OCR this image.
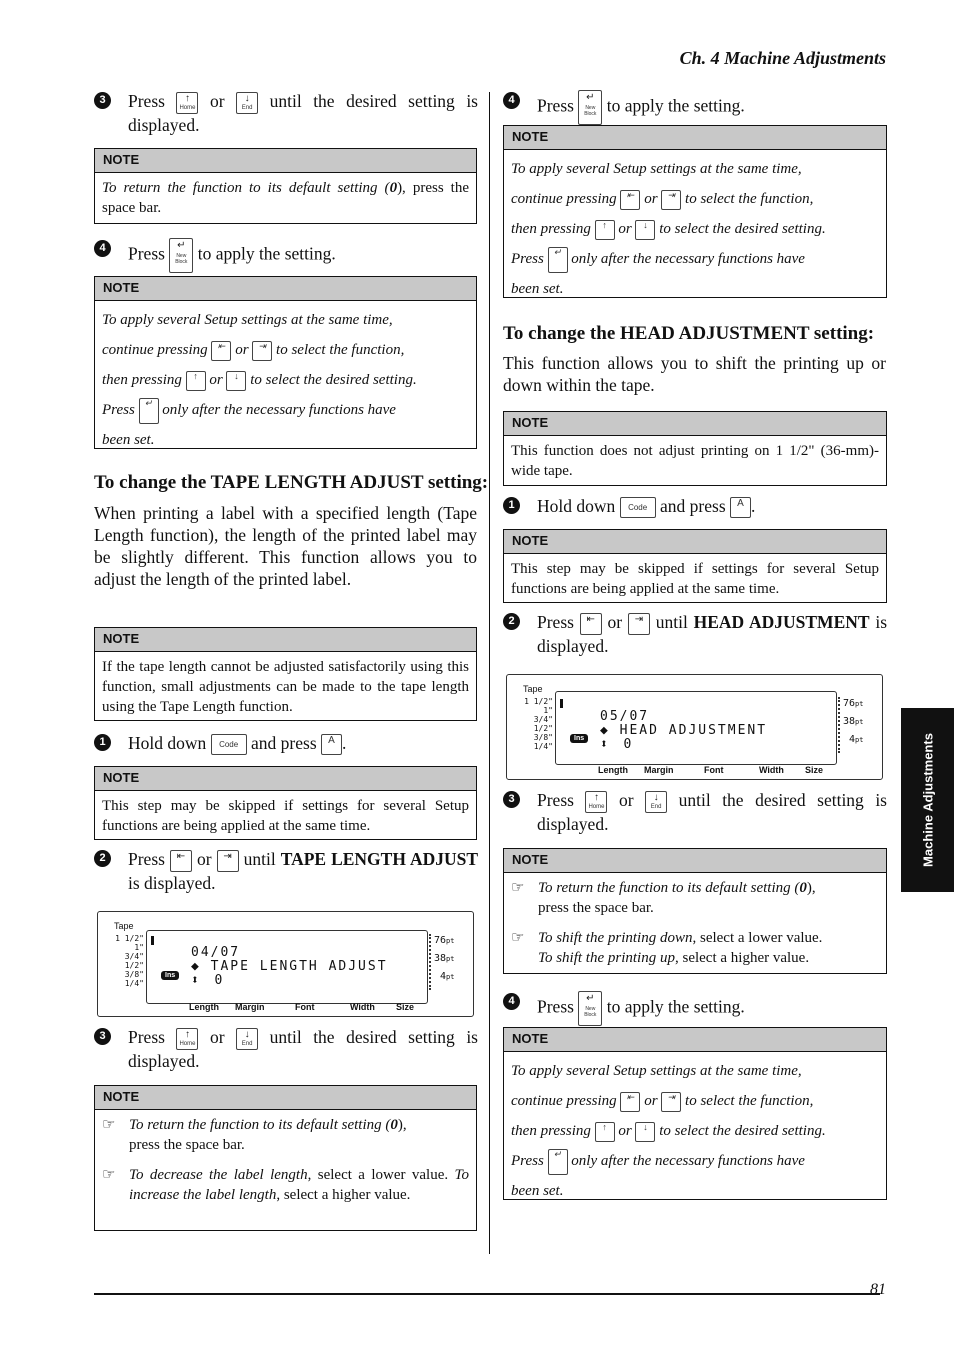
Ch. 4 Machine Adjustments
Machine Adjustments
81
3	Press	↑
Home or	↓
End until the desired setting is displayed.
NOTE
To return the function to its default setting (0), press the space bar.
4	Press	↵
New Block to apply the setting.
NOTE
To apply several Setup settings at the same time,
continue pressing	⇤ or	⇥ to select the function,
then pressing	↑ or	↓ to select the desired setting.
Press	↵ only after the necessary functions have
been set.
To change the TAPE LENGTH ADJUST setting:
When printing a label with a specified length (Tape Length function), the length of the printed label may be slightly different. This function allows you to adjust the length of the printed label.
NOTE
If the tape length cannot be adjusted satisfactorily using this function, small adjustments can be made to the tape length using the Tape Length function.
1	Hold down Code and press A .
NOTE
This step may be skipped if settings for several Setup functions are being applied at the same time.
2	Press	⇤ or	⇥ until TAPE LENGTH ADJUST is displayed.
Tape
1 1/2"
1"
3/4"
1/2"
3/8"
1/4"
04/07
◆ TAPE LENGTH ADJUST
⬍  0
Ins
76pt
38pt
4pt
Length Margin	Font	Width Size
3	Press	↑
Home or	↓
End until the desired setting is displayed.
NOTE
☞ To return the function to its default setting (0),
press the space bar.
☞ To decrease the label length, select a lower value. To increase the label length, select a higher value.
4	Press	↵
New Block to apply the setting.
NOTE
To apply several Setup settings at the same time,
continue pressing	⇤ or	⇥ to select the function,
then pressing	↑ or	↓ to select the desired setting.
Press	↵ only after the necessary functions have
been set.
To change the HEAD ADJUSTMENT setting:
This function allows you to shift the printing up or down within the tape.
NOTE
This function does not adjust printing on 1 1/2" (36-mm)-wide tape.
1	Hold down Code and press A .
NOTE
This step may be skipped if settings for several Setup functions are being applied at the same time.
2	Press	⇤ or	⇥ until HEAD ADJUSTMENT is displayed.
Tape
1 1/2"
1"
3/4"
1/2"
3/8"
1/4"
05/07
◆ HEAD ADJUSTMENT
⬍  0
Ins
76pt
38pt
4pt
Length Margin	Font	Width Size
3	Press	↑
Home or	↓
End until the desired setting is displayed.
NOTE
☞ To return the function to its default setting (0),
press the space bar.
☞ To shift the printing down, select a lower value.
To shift the printing up, select a higher value.
4	Press	↵
New Block to apply the setting.
NOTE
To apply several Setup settings at the same time,
continue pressing	⇤ or	⇥ to select the function,
then pressing	↑ or	↓ to select the desired setting.
Press	↵ only after the necessary functions have
been set.
